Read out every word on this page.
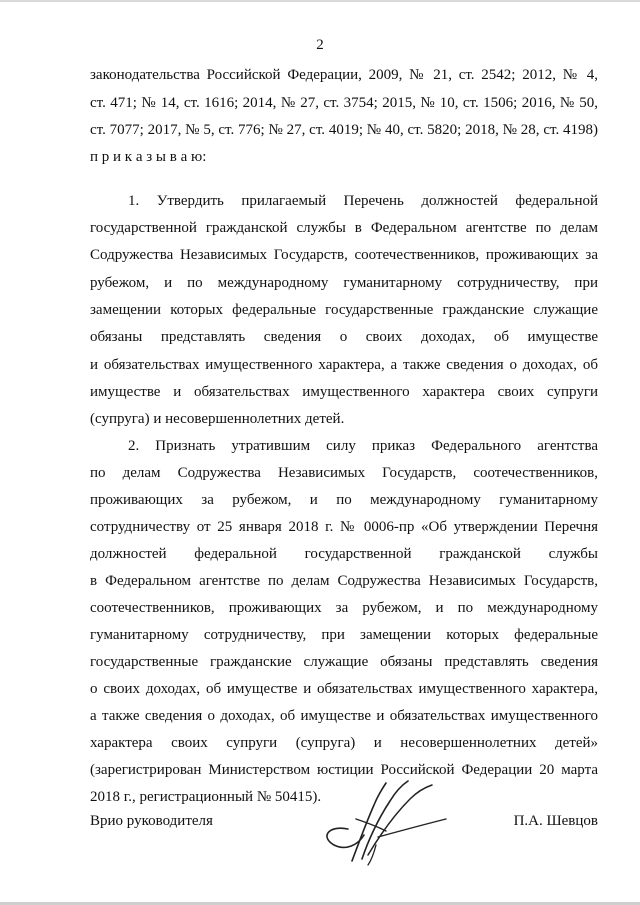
2
законодательства Российской Федерации, 2009, № 21, ст. 2542; 2012, № 4,
ст. 471; № 14, ст. 1616; 2014, № 27, ст. 3754; 2015, № 10, ст. 1506; 2016, № 50,
ст. 7077; 2017, № 5, ст. 776; № 27, ст. 4019; № 40, ст. 5820; 2018, № 28, ст. 4198)
п р и к а з ы в а ю:
1. Утвердить прилагаемый Перечень должностей федеральной
государственной гражданской службы в Федеральном агентстве по делам
Содружества Независимых Государств, соотечественников, проживающих за
рубежом, и по международному гуманитарному сотрудничеству, при
замещении которых федеральные государственные гражданские служащие
обязаны представлять сведения о своих доходах, об имуществе
и обязательствах имущественного характера, а также сведения о доходах, об
имуществе и обязательствах имущественного характера своих супруги
(супруга) и несовершеннолетних детей.
2. Признать утратившим силу приказ Федерального агентства
по делам Содружества Независимых Государств, соотечественников,
проживающих за рубежом, и по международному гуманитарному
сотрудничеству от 25 января 2018 г. № 0006-пр «Об утверждении Перечня
должностей федеральной государственной гражданской службы
в Федеральном агентстве по делам Содружества Независимых Государств,
соотечественников, проживающих за рубежом, и по международному
гуманитарному сотрудничеству, при замещении которых федеральные
государственные гражданские служащие обязаны представлять сведения
о своих доходах, об имуществе и обязательствах имущественного характера,
а также сведения о доходах, об имуществе и обязательствах имущественного
характера своих супруги (супруга) и несовершеннолетних детей»
(зарегистрирован Министерством юстиции Российской Федерации 20 марта
2018 г., регистрационный № 50415).
Врио руководителя	П.А. Шевцов
